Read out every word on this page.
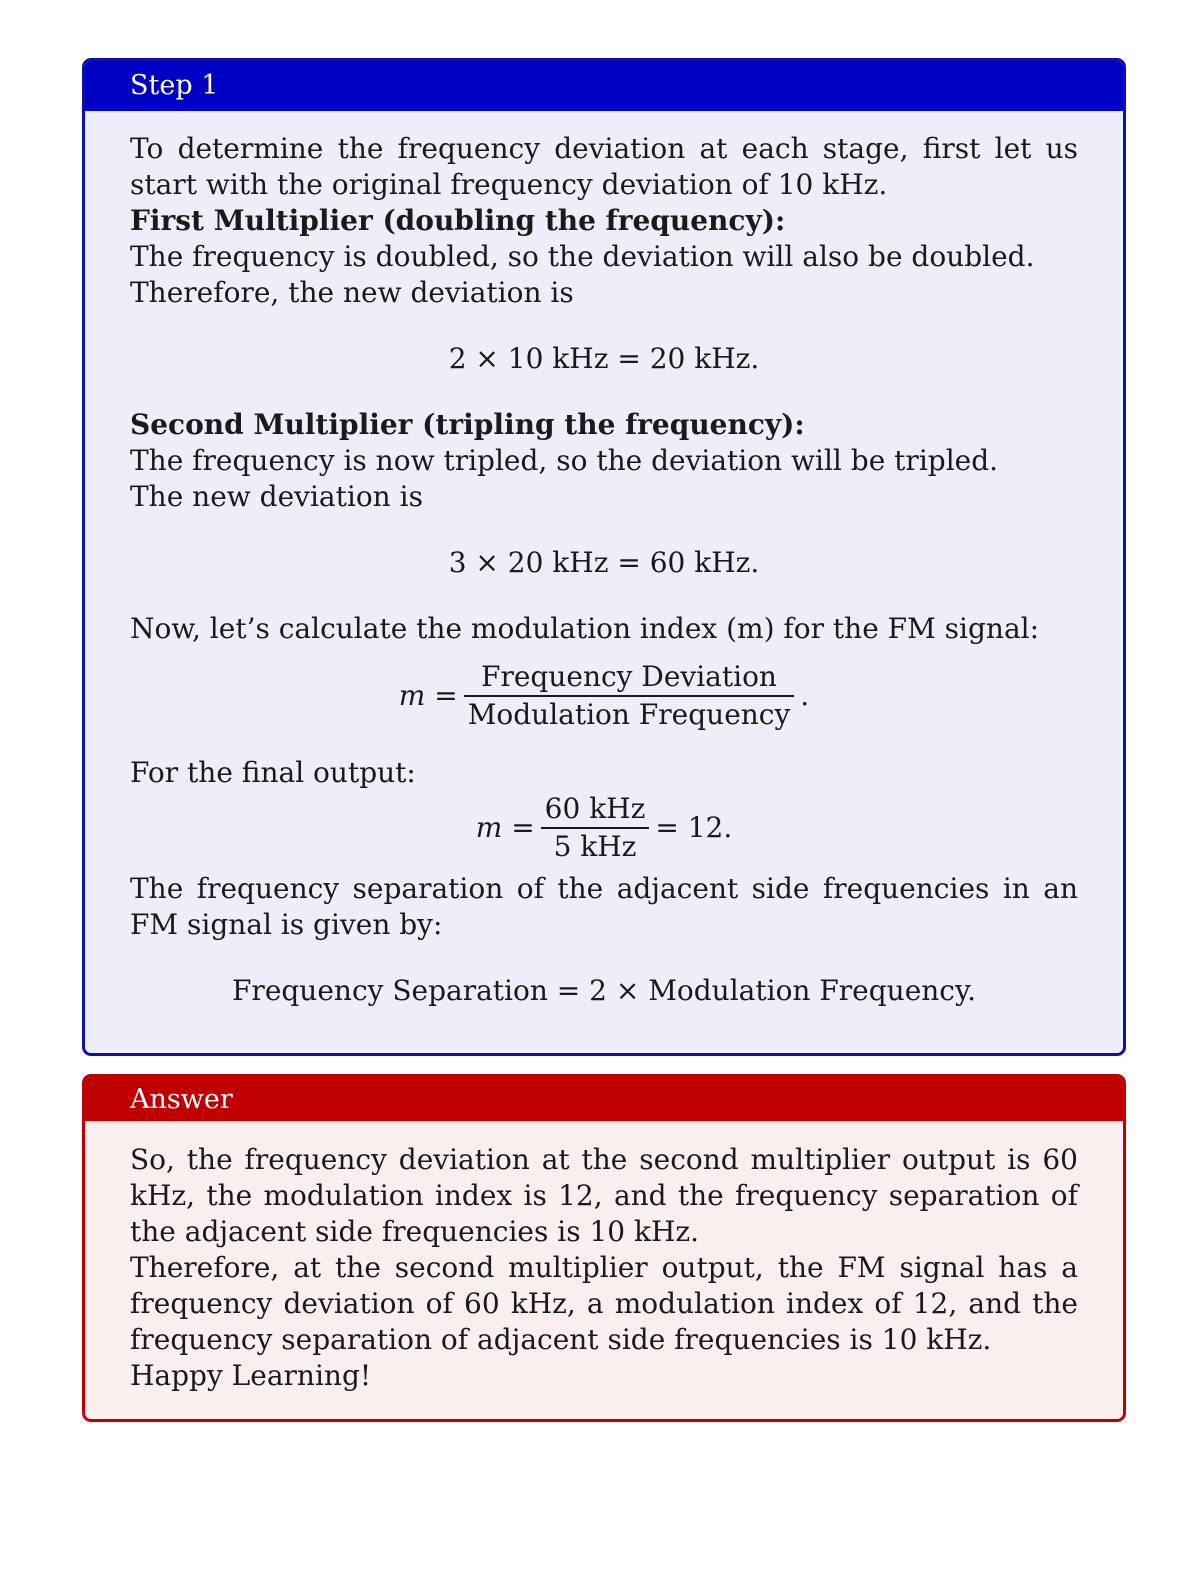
Step 1

To determine the frequency deviation at each stage, first let us start with the original frequency deviation of 10 kHz.

First Multiplier (doubling the frequency):

The frequency is doubled, so the deviation will also be doubled.

Therefore, the new deviation is

2 × 10 kHz = 20 kHz.

Second Multiplier (tripling the frequency):

The frequency is now tripled, so the deviation will be tripled.

The new deviation is

3 × 20 kHz = 60 kHz.

Now, let’s calculate the modulation index (m) for the FM signal:

$m = \frac{\text{Frequency Deviation}}{\text{Modulation Frequency}}$ .

For the final output:

$m = \frac{\text{60 kHz}}{\text{5 kHz}} = 12$.

The frequency separation of the adjacent side frequencies in an FM signal is given by:

Frequency Separation = 2 × Modulation Frequency.

Answer

So, the frequency deviation at the second multiplier output is 60 kHz, the modulation index is 12, and the frequency separation of the adjacent side frequencies is 10 kHz.

Therefore, at the second multiplier output, the FM signal has a frequency deviation of 60 kHz, a modulation index of 12, and the frequency separation of adjacent side frequencies is 10 kHz.

Happy Learning!
